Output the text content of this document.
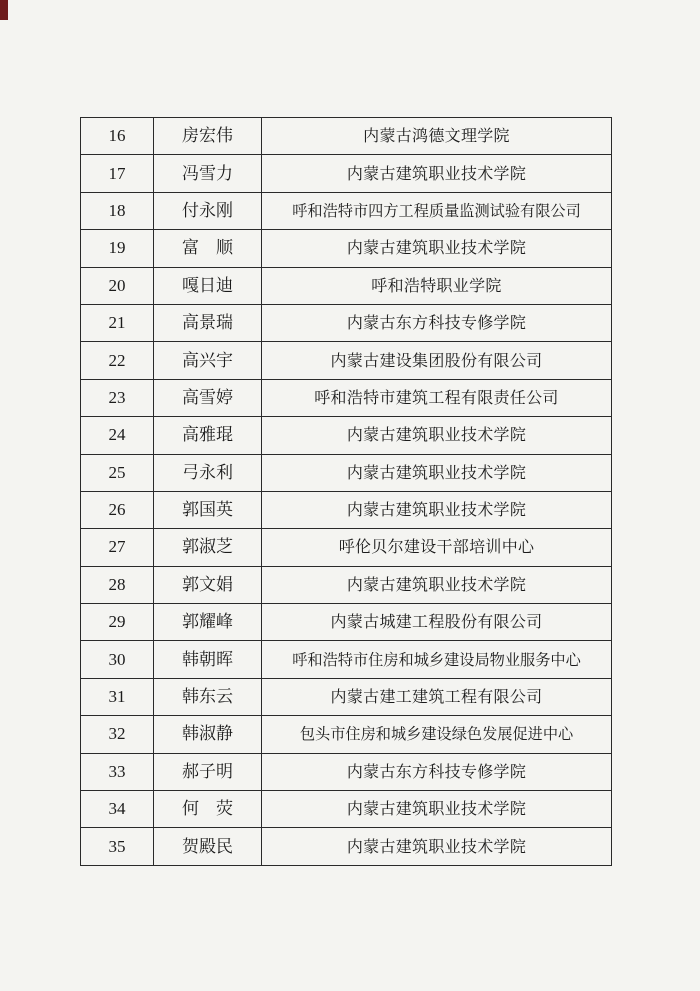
16	房宏伟	内蒙古鸿德文理学院
17	冯雪力	内蒙古建筑职业技术学院
18	付永刚	呼和浩特市四方工程质量监测试验有限公司
19	富　顺	内蒙古建筑职业技术学院
20	嘎日迪	呼和浩特职业学院
21	高景瑞	内蒙古东方科技专修学院
22	高兴宇	内蒙古建设集团股份有限公司
23	高雪婷	呼和浩特市建筑工程有限责任公司
24	高雅琨	内蒙古建筑职业技术学院
25	弓永利	内蒙古建筑职业技术学院
26	郭国英	内蒙古建筑职业技术学院
27	郭淑芝	呼伦贝尔建设干部培训中心
28	郭文娟	内蒙古建筑职业技术学院
29	郭耀峰	内蒙古城建工程股份有限公司
30	韩朝晖	呼和浩特市住房和城乡建设局物业服务中心
31	韩东云	内蒙古建工建筑工程有限公司
32	韩淑静	包头市住房和城乡建设绿色发展促进中心
33	郝子明	内蒙古东方科技专修学院
34	何　荧	内蒙古建筑职业技术学院
35	贺殿民	内蒙古建筑职业技术学院
